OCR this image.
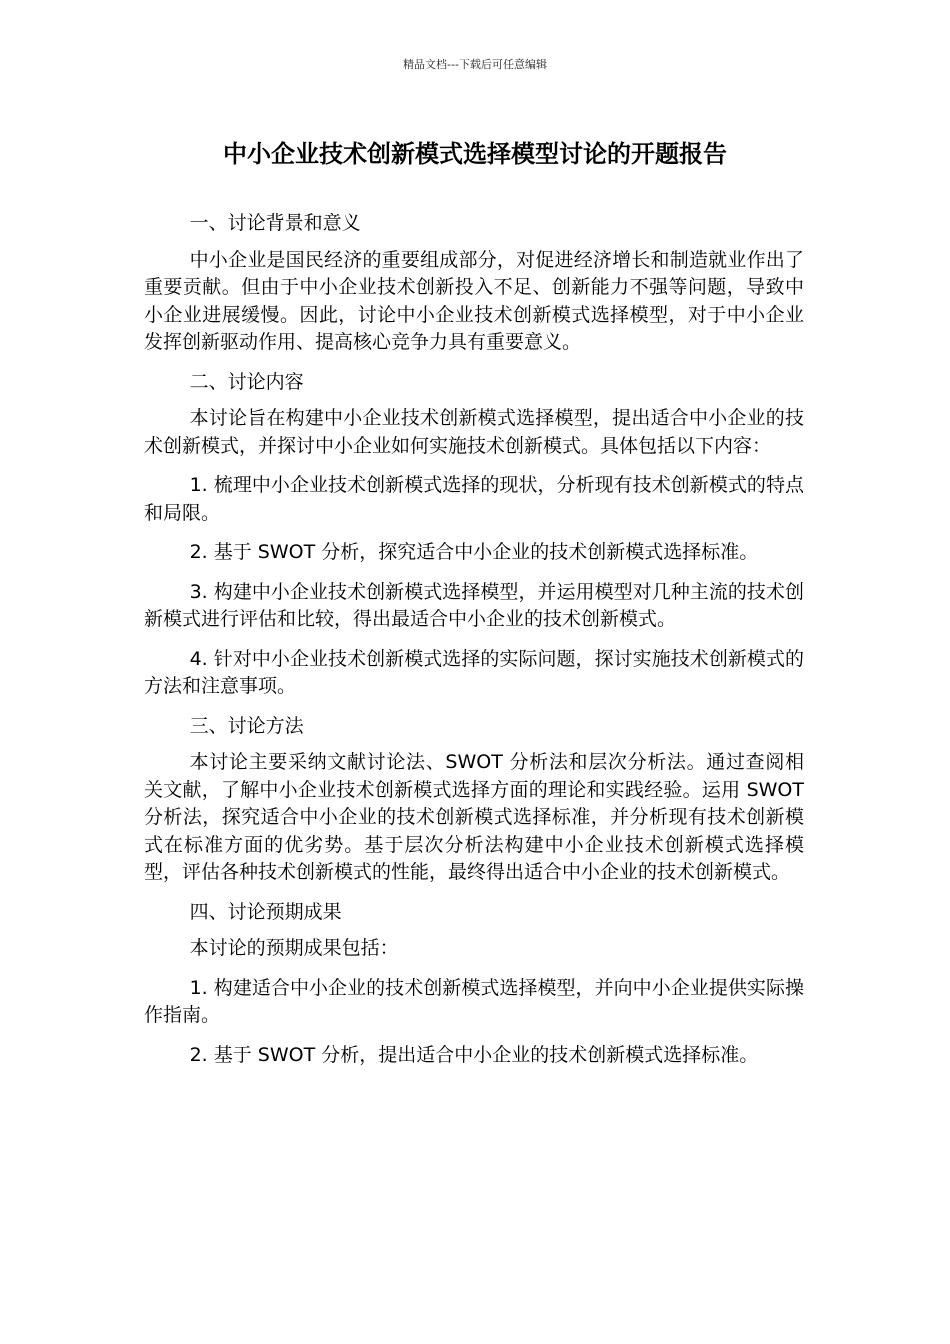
精品文档---下载后可任意编辑
中小企业技术创新模式选择模型讨论的开题报告

一、讨论背景和意义

中小企业是国民经济的重要组成部分，对促进经济增长和制造就业作出了重要贡献。但由于中小企业技术创新投入不足、创新能力不强等问题，导致中小企业进展缓慢。因此，讨论中小企业技术创新模式选择模型，对于中小企业发挥创新驱动作用、提高核心竞争力具有重要意义。

二、讨论内容

本讨论旨在构建中小企业技术创新模式选择模型，提出适合中小企业的技术创新模式，并探讨中小企业如何实施技术创新模式。具体包括以下内容：

1. 梳理中小企业技术创新模式选择的现状，分析现有技术创新模式的特点和局限。

2. 基于 SWOT 分析，探究适合中小企业的技术创新模式选择标准。

3. 构建中小企业技术创新模式选择模型，并运用模型对几种主流的技术创新模式进行评估和比较，得出最适合中小企业的技术创新模式。

4. 针对中小企业技术创新模式选择的实际问题，探讨实施技术创新模式的方法和注意事项。

三、讨论方法

本讨论主要采纳文献讨论法、SWOT 分析法和层次分析法。通过查阅相关文献，了解中小企业技术创新模式选择方面的理论和实践经验。运用 SWOT 分析法，探究适合中小企业的技术创新模式选择标准，并分析现有技术创新模式在标准方面的优劣势。基于层次分析法构建中小企业技术创新模式选择模型，评估各种技术创新模式的性能，最终得出适合中小企业的技术创新模式。

四、讨论预期成果

本讨论的预期成果包括：

1. 构建适合中小企业的技术创新模式选择模型，并向中小企业提供实际操作指南。

2. 基于 SWOT 分析，提出适合中小企业的技术创新模式选择标准。
